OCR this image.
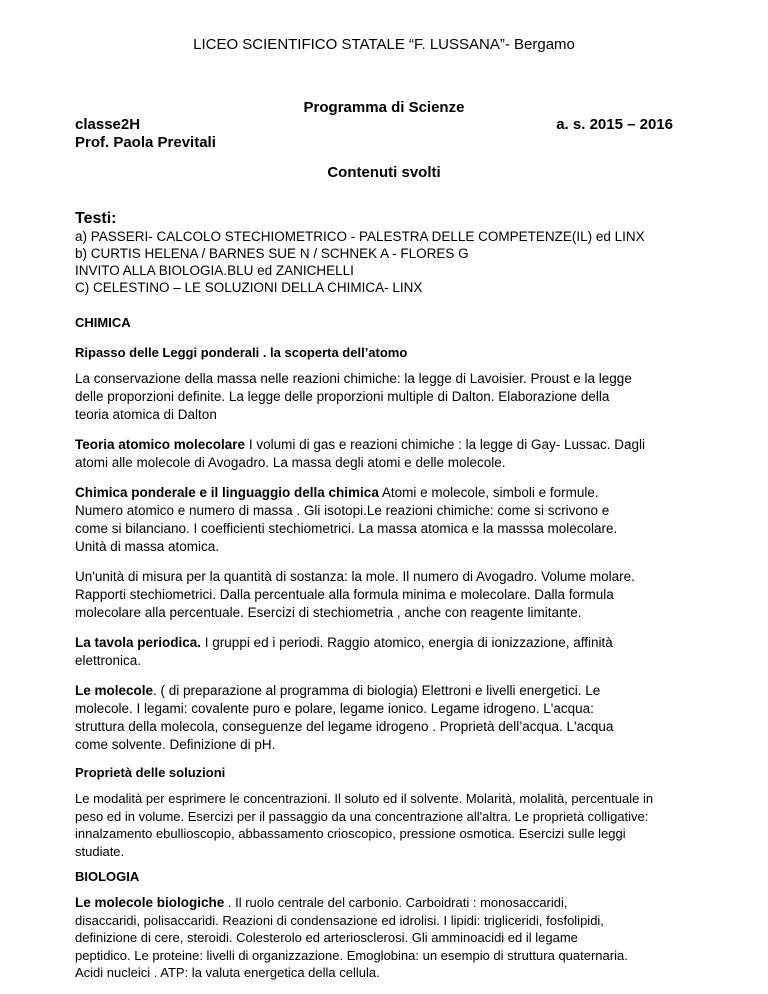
LICEO SCIENTIFICO STATALE “F. LUSSANA”- Bergamo
Programma di Scienze
classe2H	a. s. 2015 – 2016
Prof. Paola Previtali
Contenuti svolti
Testi:
a) PASSERI- CALCOLO STECHIOMETRICO - PALESTRA DELLE COMPETENZE(IL) ed LINX
b) CURTIS HELENA / BARNES SUE N / SCHNEK A - FLORES G
INVITO ALLA BIOLOGIA.BLU ed ZANICHELLI
C) CELESTINO – LE SOLUZIONI DELLA CHIMICA- LINX
CHIMICA
Ripasso delle Leggi ponderali . la scoperta dell’atomo

La conservazione della massa nelle reazioni chimiche: la legge di Lavoisier. Proust e la legge
delle proporzioni definite. La legge delle proporzioni multiple di Dalton. Elaborazione della
teoria atomica di Dalton

Teoria atomico molecolare I volumi di gas e reazioni chimiche : la legge di Gay- Lussac. Dagli
atomi alle molecole di Avogadro. La massa degli atomi e delle molecole.

Chimica ponderale e il linguaggio della chimica Atomi e molecole, simboli e formule.
Numero atomico e numero di massa . Gli isotopi.Le reazioni chimiche: come si scrivono e
come si bilanciano. I coefficienti stechiometrici. La massa atomica e la masssa molecolare.
Unità di massa atomica.

Un'unità di misura per la quantità di sostanza: la mole. Il numero di Avogadro. Volume molare.
Rapporti stechiometrici. Dalla percentuale alla formula minima e molecolare. Dalla formula
molecolare alla percentuale. Esercizi di stechiometria , anche con reagente limitante.

La tavola periodica. I gruppi ed i periodi. Raggio atomico, energia di ionizzazione, affinità
elettronica.

Le molecole. ( di preparazione al programma di biologia) Elettroni e livelli energetici. Le
molecole. I legami: covalente puro e polare, legame ionico. Legame idrogeno. L'acqua:
struttura della molecola, conseguenze del legame idrogeno . Proprietà dell’acqua. L'acqua
come solvente. Definizione di pH.

Proprietà delle soluzioni

Le modalità per esprimere le concentrazioni. Il soluto ed il solvente. Molarità, molalità, percentuale in
peso ed in volume. Esercizi per il passaggio da una concentrazione all'altra. Le proprietà colligative:
innalzamento ebullioscopio, abbassamento crioscopico, pressione osmotica. Esercizi sulle leggi
studiate.

BIOLOGIA

Le molecole biologiche . Il ruolo centrale del carbonio. Carboidrati : monosaccaridi,
disaccaridi, polisaccaridi. Reazioni di condensazione ed idrolisi. I lipidi: trigliceridi, fosfolipidi,
definizione di cere, steroidi. Colesterolo ed arteriosclerosi. Gli amminoacidi ed il legame
peptidico. Le proteine: livelli di organizzazione. Emoglobina: un esempio di struttura quaternaria.
Acidi nucleici . ATP: la valuta energetica della cellula.
